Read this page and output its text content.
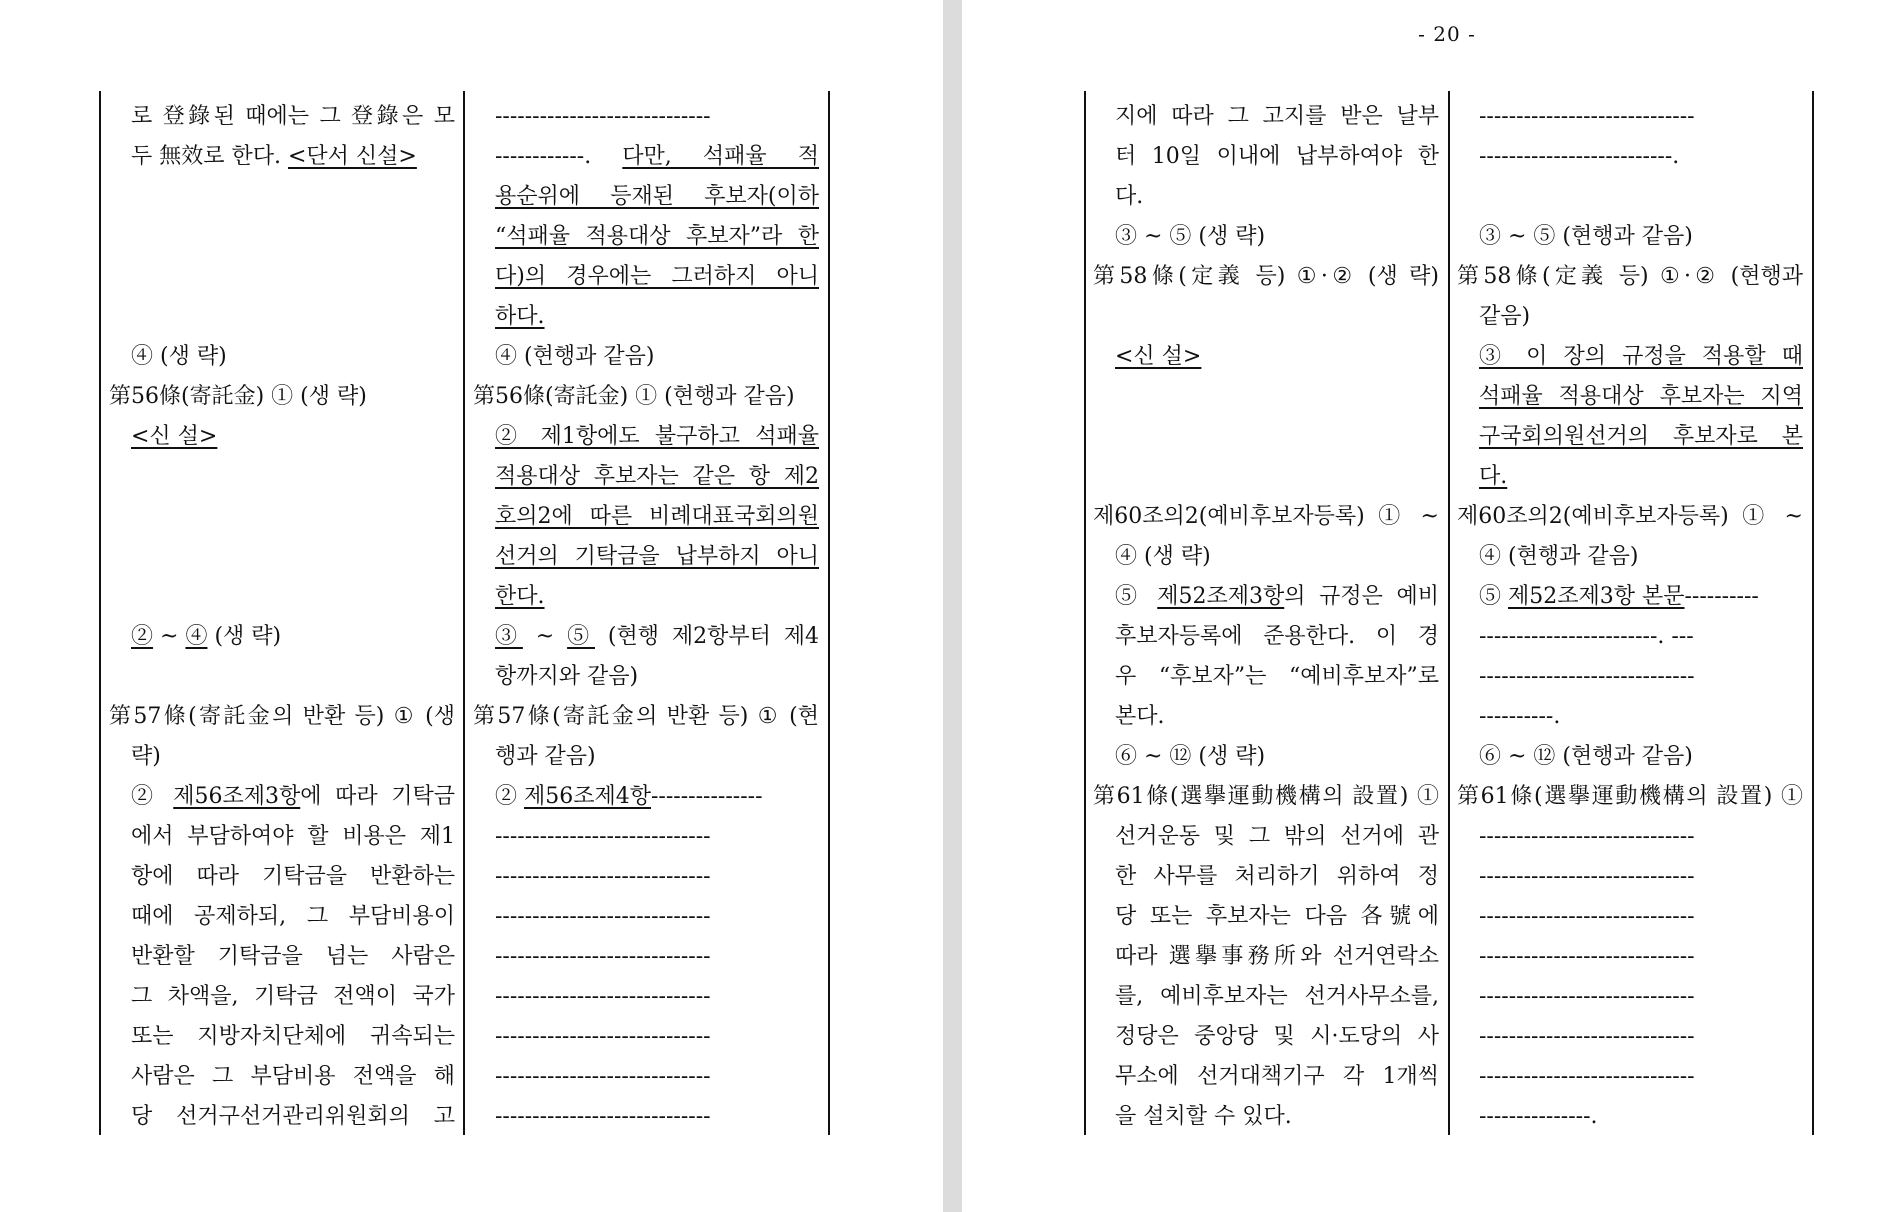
- 20 -
로 登錄된 때에는 그 登錄은 모
두 無效로 한다. <단서 신설>
④ (생 략)
第56條(寄託金) ① (생 략)
<신 설>
② ~ ④ (생 략)
第57條(寄託金의 반환 등) ① (생
략)
② 제56조제3항에 따라 기탁금
에서 부담하여야 할 비용은 제1
항에 따라 기탁금을 반환하는
때에 공제하되, 그 부담비용이
반환할 기탁금을 넘는 사람은
그 차액을, 기탁금 전액이 국가
또는 지방자치단체에 귀속되는
사람은 그 부담비용 전액을 해
당 선거구선거관리위원회의 고
-----------------------------
------------. 다만, 석패율 적
용순위에 등재된 후보자(이하
“석패율 적용대상 후보자”라 한
다)의 경우에는 그러하지 아니
하다.
④ (현행과 같음)
第56條(寄託金) ① (현행과 같음)
② 제1항에도 불구하고 석패율
적용대상 후보자는 같은 항 제2
호의2에 따른 비례대표국회의원
선거의 기탁금을 납부하지 아니
한다.
③ ~ ⑤ (현행 제2항부터 제4
항까지와 같음)
第57條(寄託金의 반환 등) ① (현
행과 같음)
② 제56조제4항---------------
-----------------------------
-----------------------------
-----------------------------
-----------------------------
-----------------------------
-----------------------------
-----------------------------
-----------------------------
지에 따라 그 고지를 받은 날부
터 10일 이내에 납부하여야 한
다.
③ ~ ⑤ (생 략)
第58條(定義 등) ①·② (생 략)
<신 설>
제60조의2(예비후보자등록) ① ~
④ (생 략)
⑤ 제52조제3항의 규정은 예비
후보자등록에 준용한다. 이 경
우 “후보자”는 “예비후보자”로
본다.
⑥ ~ ⑫ (생 략)
第61條(選擧運動機構의 設置) ①
선거운동 및 그 밖의 선거에 관
한 사무를 처리하기 위하여 정
당 또는 후보자는 다음 各號에
따라 選擧事務所와 선거연락소
를, 예비후보자는 선거사무소를,
정당은 중앙당 및 시·도당의 사
무소에 선거대책기구 각 1개씩
을 설치할 수 있다.
-----------------------------
--------------------------.
③ ~ ⑤ (현행과 같음)
第58條(定義 등) ①·② (현행과
같음)
③ 이 장의 규정을 적용할 때
석패율 적용대상 후보자는 지역
구국회의원선거의 후보자로 본
다.
제60조의2(예비후보자등록) ① ~
④ (현행과 같음)
⑤ 제52조제3항 본문----------
------------------------. ---
-----------------------------
----------.
⑥ ~ ⑫ (현행과 같음)
第61條(選擧運動機構의 設置) ①
-----------------------------
-----------------------------
-----------------------------
-----------------------------
-----------------------------
-----------------------------
-----------------------------
---------------.
